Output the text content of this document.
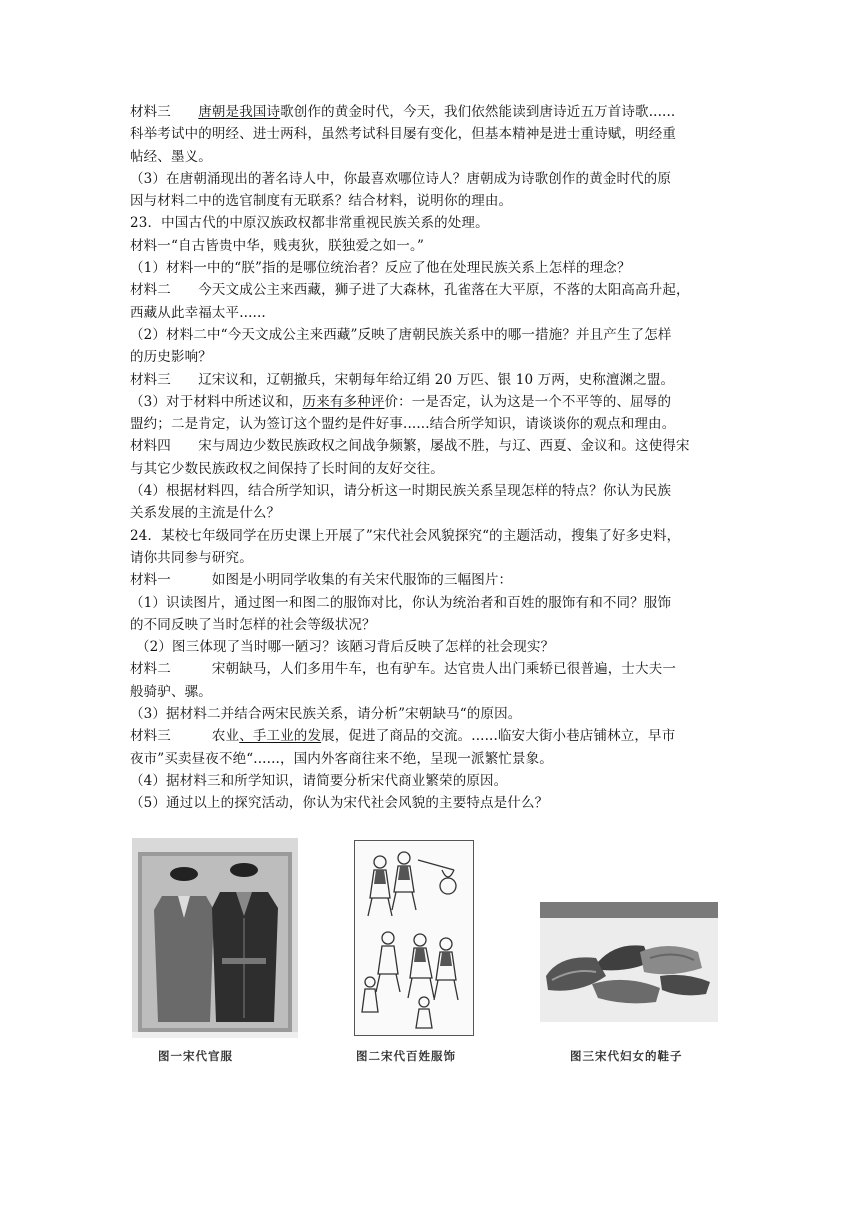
材料三　　唐朝是我国诗歌创作的黄金时代，今天，我们依然能读到唐诗近五万首诗歌......
科举考试中的明经、进士两科，虽然考试科目屡有变化，但基本精神是进士重诗赋，明经重
帖经、墨义。
（3）在唐朝涌现出的著名诗人中，你最喜欢哪位诗人？唐朝成为诗歌创作的黄金时代的原
因与材料二中的选官制度有无联系？结合材料，说明你的理由。
23．中国古代的中原汉族政权都非常重视民族关系的处理。
材料一“自古皆贵中华，贱夷狄，朕独爱之如一。”
（1）材料一中的“朕”指的是哪位统治者？反应了他在处理民族关系上怎样的理念？
材料二　　今天文成公主来西藏，狮子进了大森林，孔雀落在大平原，不落的太阳高高升起，
西藏从此幸福太平......
（2）材料二中“今天文成公主来西藏”反映了唐朝民族关系中的哪一措施？并且产生了怎样
的历史影响？
材料三　　辽宋议和，辽朝撤兵，宋朝每年给辽绢 20 万匹、银 10 万两，史称澶渊之盟。
（3）对于材料中所述议和，历来有多种评价：一是否定，认为这是一个不平等的、屈辱的
盟约；二是肯定，认为签订这个盟约是件好事......结合所学知识，请谈谈你的观点和理由。
材料四　　宋与周边少数民族政权之间战争频繁，屡战不胜，与辽、西夏、金议和。这使得宋
与其它少数民族政权之间保持了长时间的友好交往。
（4）根据材料四，结合所学知识，请分析这一时期民族关系呈现怎样的特点？你认为民族
关系发展的主流是什么？
24．某校七年级同学在历史课上开展了”宋代社会风貌探究“的主题活动，搜集了好多史料，
请你共同参与研究。
材料一　　　如图是小明同学收集的有关宋代服饰的三幅图片：
（1）识读图片，通过图一和图二的服饰对比，你认为统治者和百姓的服饰有和不同？服饰
的不同反映了当时怎样的社会等级状况？
（2）图三体现了当时哪一陋习？该陋习背后反映了怎样的社会现实？
材料二　　　宋朝缺马，人们多用牛车，也有驴车。达官贵人出门乘轿已很普遍，士大夫一
般骑驴、骡。
（3）据材料二并结合两宋民族关系，请分析”宋朝缺马“的原因。
材料三　　　农业、手工业的发展，促进了商品的交流。......临安大街小巷店铺林立，早市
夜市”买卖昼夜不绝“......，国内外客商往来不绝，呈现一派繁忙景象。
（4）据材料三和所学知识，请简要分析宋代商业繁荣的原因。
（5）通过以上的探究活动，你认为宋代社会风貌的主要特点是什么？
图一宋代官服	图二宋代百姓服饰	图三宋代妇女的鞋子
